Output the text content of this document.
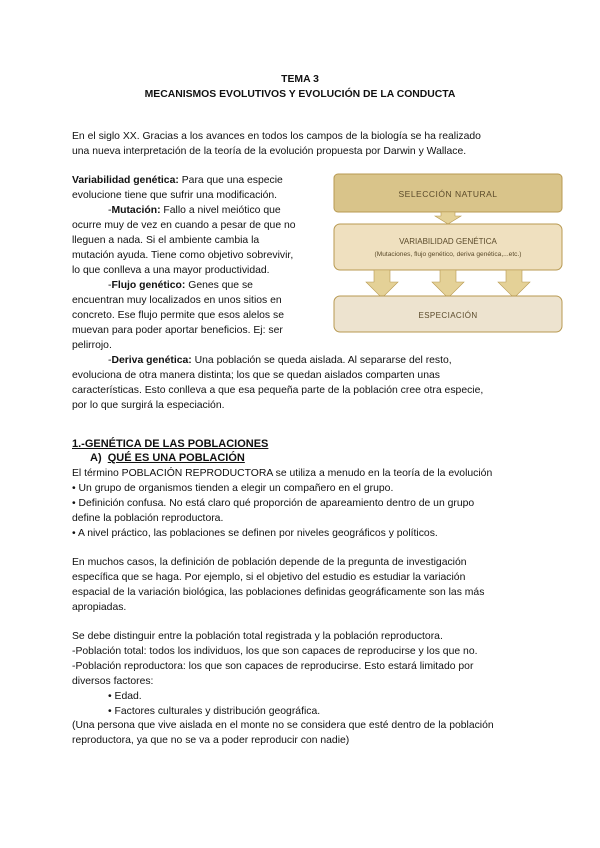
TEMA 3
MECANISMOS EVOLUTIVOS Y EVOLUCIÓN DE LA CONDUCTA
En el siglo XX. Gracias a los avances en todos los campos de la biología se ha realizado
una nueva interpretación de la teoría de la evolución propuesta por Darwin y Wallace.
Variabilidad genética: Para que una especie
evolucione tiene que sufrir una modificación.
-Mutación: Fallo a nivel meiótico que
ocurre muy de vez en cuando a pesar de que no
lleguen a nada. Si el ambiente cambia la
mutación ayuda. Tiene como objetivo sobrevivir,
lo que conlleva a una mayor productividad.
-Flujo genético: Genes que se
encuentran muy localizados en unos sitios en
concreto. Ese flujo permite que esos alelos se
muevan para poder aportar beneficios. Ej: ser
pelirrojo.
-Deriva genética: Una población se queda aislada. Al separarse del resto,
evoluciona de otra manera distinta; los que se quedan aislados comparten unas
características. Esto conlleva a que esa pequeña parte de la población cree otra especie,
por lo que surgirá la especiación.
SELECCIÓN NATURAL
VARIABILIDAD GENÉTICA
(Mutaciones, flujo genético, deriva genética,...etc.)
ESPECIACIÓN
1.-GENÉTICA DE LAS POBLACIONES
A) QUÉ ES UNA POBLACIÓN
El término POBLACIÓN REPRODUCTORA se utiliza a menudo en la teoría de la evolución
• Un grupo de organismos tienden a elegir un compañero en el grupo.
• Definición confusa. No está claro qué proporción de apareamiento dentro de un grupo
define la población reproductora.
• A nivel práctico, las poblaciones se definen por niveles geográficos y políticos.
En muchos casos, la definición de población depende de la pregunta de investigación
específica que se haga. Por ejemplo, si el objetivo del estudio es estudiar la variación
espacial de la variación biológica, las poblaciones definidas geográficamente son las más
apropiadas.
Se debe distinguir entre la población total registrada y la población reproductora.
-Población total: todos los individuos, los que son capaces de reproducirse y los que no.
-Población reproductora: los que son capaces de reproducirse. Esto estará limitado por
diversos factores:
• Edad.
• Factores culturales y distribución geográfica.
(Una persona que vive aislada en el monte no se considera que esté dentro de la población
reproductora, ya que no se va a poder reproducir con nadie)
